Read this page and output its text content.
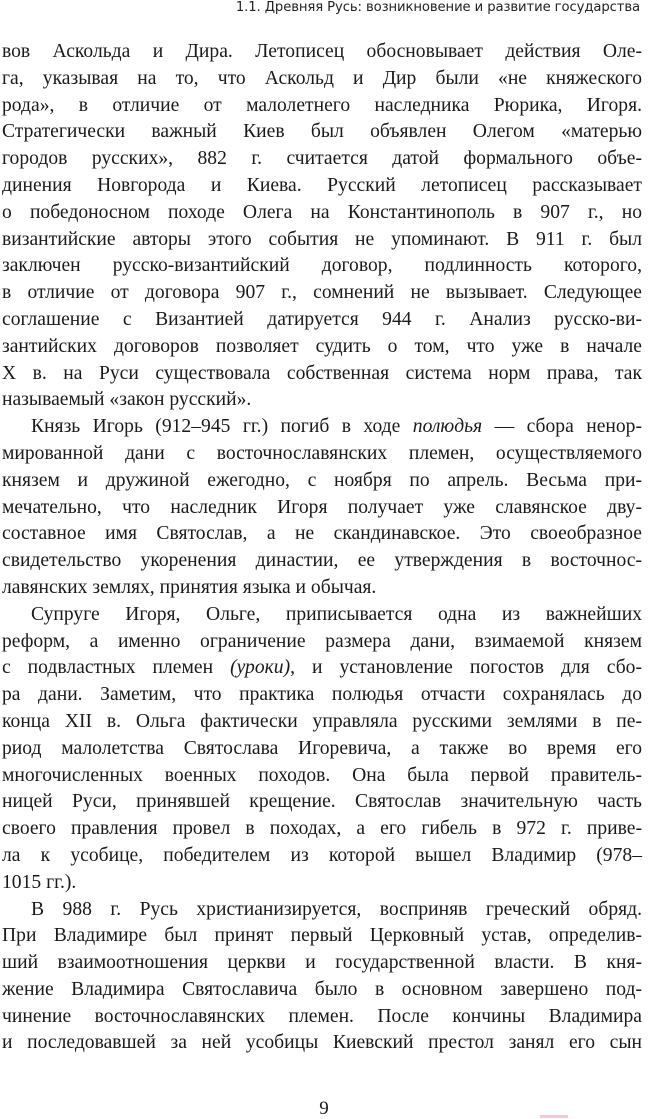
1.1. Древняя Русь: возникновение и развитие государства
вов Аскольда и Дира. Летописец обосновывает действия Оле-
га, указывая на то, что Аскольд и Дир были «не княжеского
рода», в отличие от малолетнего наследника Рюрика, Игоря.
Стратегически важный Киев был объявлен Олегом «матерью
городов русских», 882 г. считается датой формального объе-
динения Новгорода и Киева. Русский летописец рассказывает
о победоносном походе Олега на Константинополь в 907 г., но
византийские авторы этого события не упоминают. В 911 г. был
заключен русско-византийский договор, подлинность которого,
в отличие от договора 907 г., сомнений не вызывает. Следующее
соглашение с Византией датируется 944 г. Анализ русско-ви-
зантийских договоров позволяет судить о том, что уже в начале
X в. на Руси существовала собственная система норм права, так
называемый «закон русский».
Князь Игорь (912–945 гг.) погиб в ходе полюдья — сбора ненор-
мированной дани с восточнославянских племен, осуществляемого
князем и дружиной ежегодно, с ноября по апрель. Весьма при-
мечательно, что наследник Игоря получает уже славянское дву-
составное имя Святослав, а не скандинавское. Это своеобразное
свидетельство укоренения династии, ее утверждения в восточнос-
лавянских землях, принятия языка и обычая.
Супруге Игоря, Ольге, приписывается одна из важнейших
реформ, а именно ограничение размера дани, взимаемой князем
с подвластных племен (уроки), и установление погостов для сбо-
ра дани. Заметим, что практика полюдья отчасти сохранялась до
конца XII в. Ольга фактически управляла русскими землями в пе-
риод малолетства Святослава Игоревича, а также во время его
многочисленных военных походов. Она была первой правитель-
ницей Руси, принявшей крещение. Святослав значительную часть
своего правления провел в походах, а его гибель в 972 г. приве-
ла к усобице, победителем из которой вышел Владимир (978–
1015 гг.).
В 988 г. Русь христианизируется, восприняв греческий обряд.
При Владимире был принят первый Церковный устав, определив-
ший взаимоотношения церкви и государственной власти. В кня-
жение Владимира Святославича было в основном завершено под-
чинение восточнославянских племен. После кончины Владимира
и последовавшей за ней усобицы Киевский престол занял его сын
9
